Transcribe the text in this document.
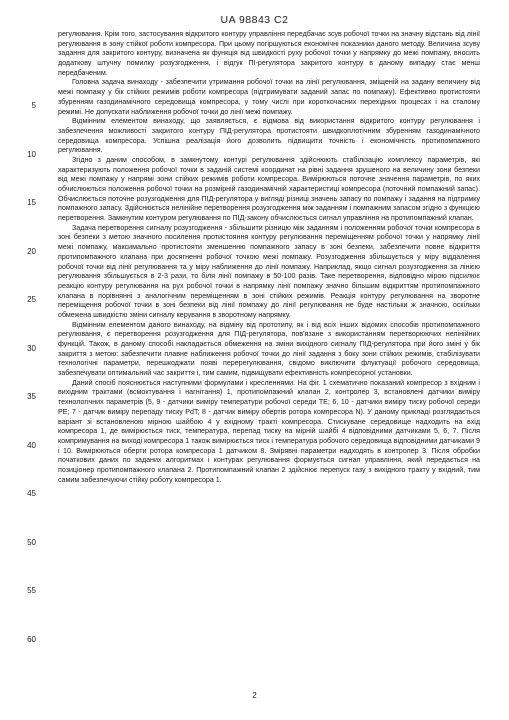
UA 98843 C2
5
10
15
20
25
30
35
40
45
50
55
60

регулювання. Крім того, застосування відкритого контуру управління передбачає зсув робочої точки на значну відстань від лінії регулювання в зону стійкої роботи компресора. При цьому погіршуються економічні показники даного методу. Величина зсуву задання для закритого контуру, визначена як функція від швидкості руху робочої точки у напрямку до межі помпажу, вносить додаткову штучну помилку розузгодження, і відгук ПІ-регулятора закритого контуру в даному випадку стає менш передбаченим.

Головна задача винаходу - забезпечити утримання робочої точки на лінії регулювання, зміщеній на задану величину від межі помпажу у бік стійких режимів роботи компресора (підтримувати заданий запас по помпажу). Ефективно протистояти збуренням газодинамічного середовища компресора, у тому числі при короткочасних перехідних процесах і на сталому режимі. Не допускати наближення робочої точки до лінії межі помпажу.

Відмінним елементом винаходу, що заявляється, є відмова від використання відкритого контуру регулювання і забезпечення можливості закритого контуру ПІД-регулятора протистояти швидкоплотічним збуренням газодинамічного середовища компресора. Успішна реалізація його дозволить підвищити точність і економічність протипомпажного регулювання.

Згідно з даним способом, в замкнутому контурі регулювання здійснюють стабілізацію комплексу параметрів, які характеризують положення робочої точки в заданій системі координат на рівні задання зрушеного на величину зони безпеки від межі помпажу у напрямі зони стійких режимів роботи компресора. Вимірюються поточне значення параметрів, по яких обчислюються положення робочої точки на розмірній газодинамічній характеристиці компресора (поточний помпажний запас). Обчислюється поточне розузгодження для ПІД-регулятора у вигляді різниці значень запасу по помпажу і задання на підтримку помпажного запасу. Здійснюється нелінійне перетворення розузгодження між заданням і помпажним запасом згідно з функцією перетворення. Замкнутим контуром регулювання по ПІД-закону обчислюється сигнал управління на протипомпажний клапан.

Задача перетворення сигналу розузгодження - збільшити різницю між заданням і положенням робочої точки компресора в зоні безпеки з метою значного посилення протистояння контуру регулювання переміщенням робочої точки у напрямку лінії межі помпажу, максимально протистояти зменшенню помпажного запасу в зоні безпеки, забезпечити повне відкриття протипомпажного клапана при досягненні робочої точкою межі помпажу. Розузгодження збільшується у міру віддалення робочої точки від лінії регулювання та у міру наближення до лінії помпажу. Наприклад, якщо сигнал розузгодження за лінією регулювання збільшується в 2-3 рази, то біля лінії помпажу в 50-100 разів. Таке перетворення, відповідно мірою підсилює реакцію контуру регулювання на рух робочої точки в напрямку лінії помпажу значно більшим відкриттям протипомпажного клапана в порівнянні з аналогічним переміщенням в зоні стійких режимів. Реакція контуру регулювання на зворотне переміщення робочої точки в зоні безпеки від лінії помпажу до лінії регулювання не буде настільки ж значною, оскільки обмежена швидкістю зміни сигналу керування в зворотному напрямку.

Відмінним елементом даного винаходу, на відміну від прототипу, як і від всіх інших відомих способів протипомпажного регулювання, є перетворення розузгодження для ПІД-регулятора, пов'язане з використанням перетворюючих нелінійних функцій. Також, в даному способі накладається обмеження на зміни вихідного сигналу ПІД-регулятора при його зміні у бік закриття з метою: забезпечити плавне наближення робочої точки до лінії задання з боку зони стійких режимів, стабілізувати технологічні параметри, перешкоджати появі перерегулювання, свідомо виключити флуктуації робочого середовища, забезпечувати оптимальний час закриття і, тим самим, підвищувати ефективність компресорної установки.

Даний спосіб пояснюється наступними формулами і кресленнями. На фіг. 1 схематично показаний компресор з вхідним і вихідним трактами (всмоктування і нагнітання) 1, протипомпажний клапан 2, контролер 3, встановлені датчики виміру технологічних параметрів (5, 9 - датчики виміру температури робочої середи ТЕ; 6, 10 - датчики виміру тиску робочої середи РЕ; 7 - датчик виміру перепаду тиску PdT; 8 - датчик виміру обертів ротора компресора N). У даному прикладі розглядається варіант зі встановленою мірною шайбою 4 у вхідному тракті компресора. Стискуване середовище надходить на вхід компресора 1, де вимірюється тиск, температура, перепад тиску на мірній шайбі 4 відповідними датчиками 5, 6, 7. Після компримування на виході компресора 1 також вимірюється тиск і температура робочого середовища відповідними датчиками 9 і 10. Вимірюються оберти ротора компресора 1 датчиком 8. Змірявні параметри надходять в контролер 3. Після обробки початкових даних по заданих алгоритмах і контурах регулювання формується сигнал управління, який передається на позиціонер протипомпажного клапана 2. Протипомпажний клапан 2 здійснює перепуск газу з вихідного тракту у вхідний, тим самим забезпечуючи стійку роботу компресора 1.

2
